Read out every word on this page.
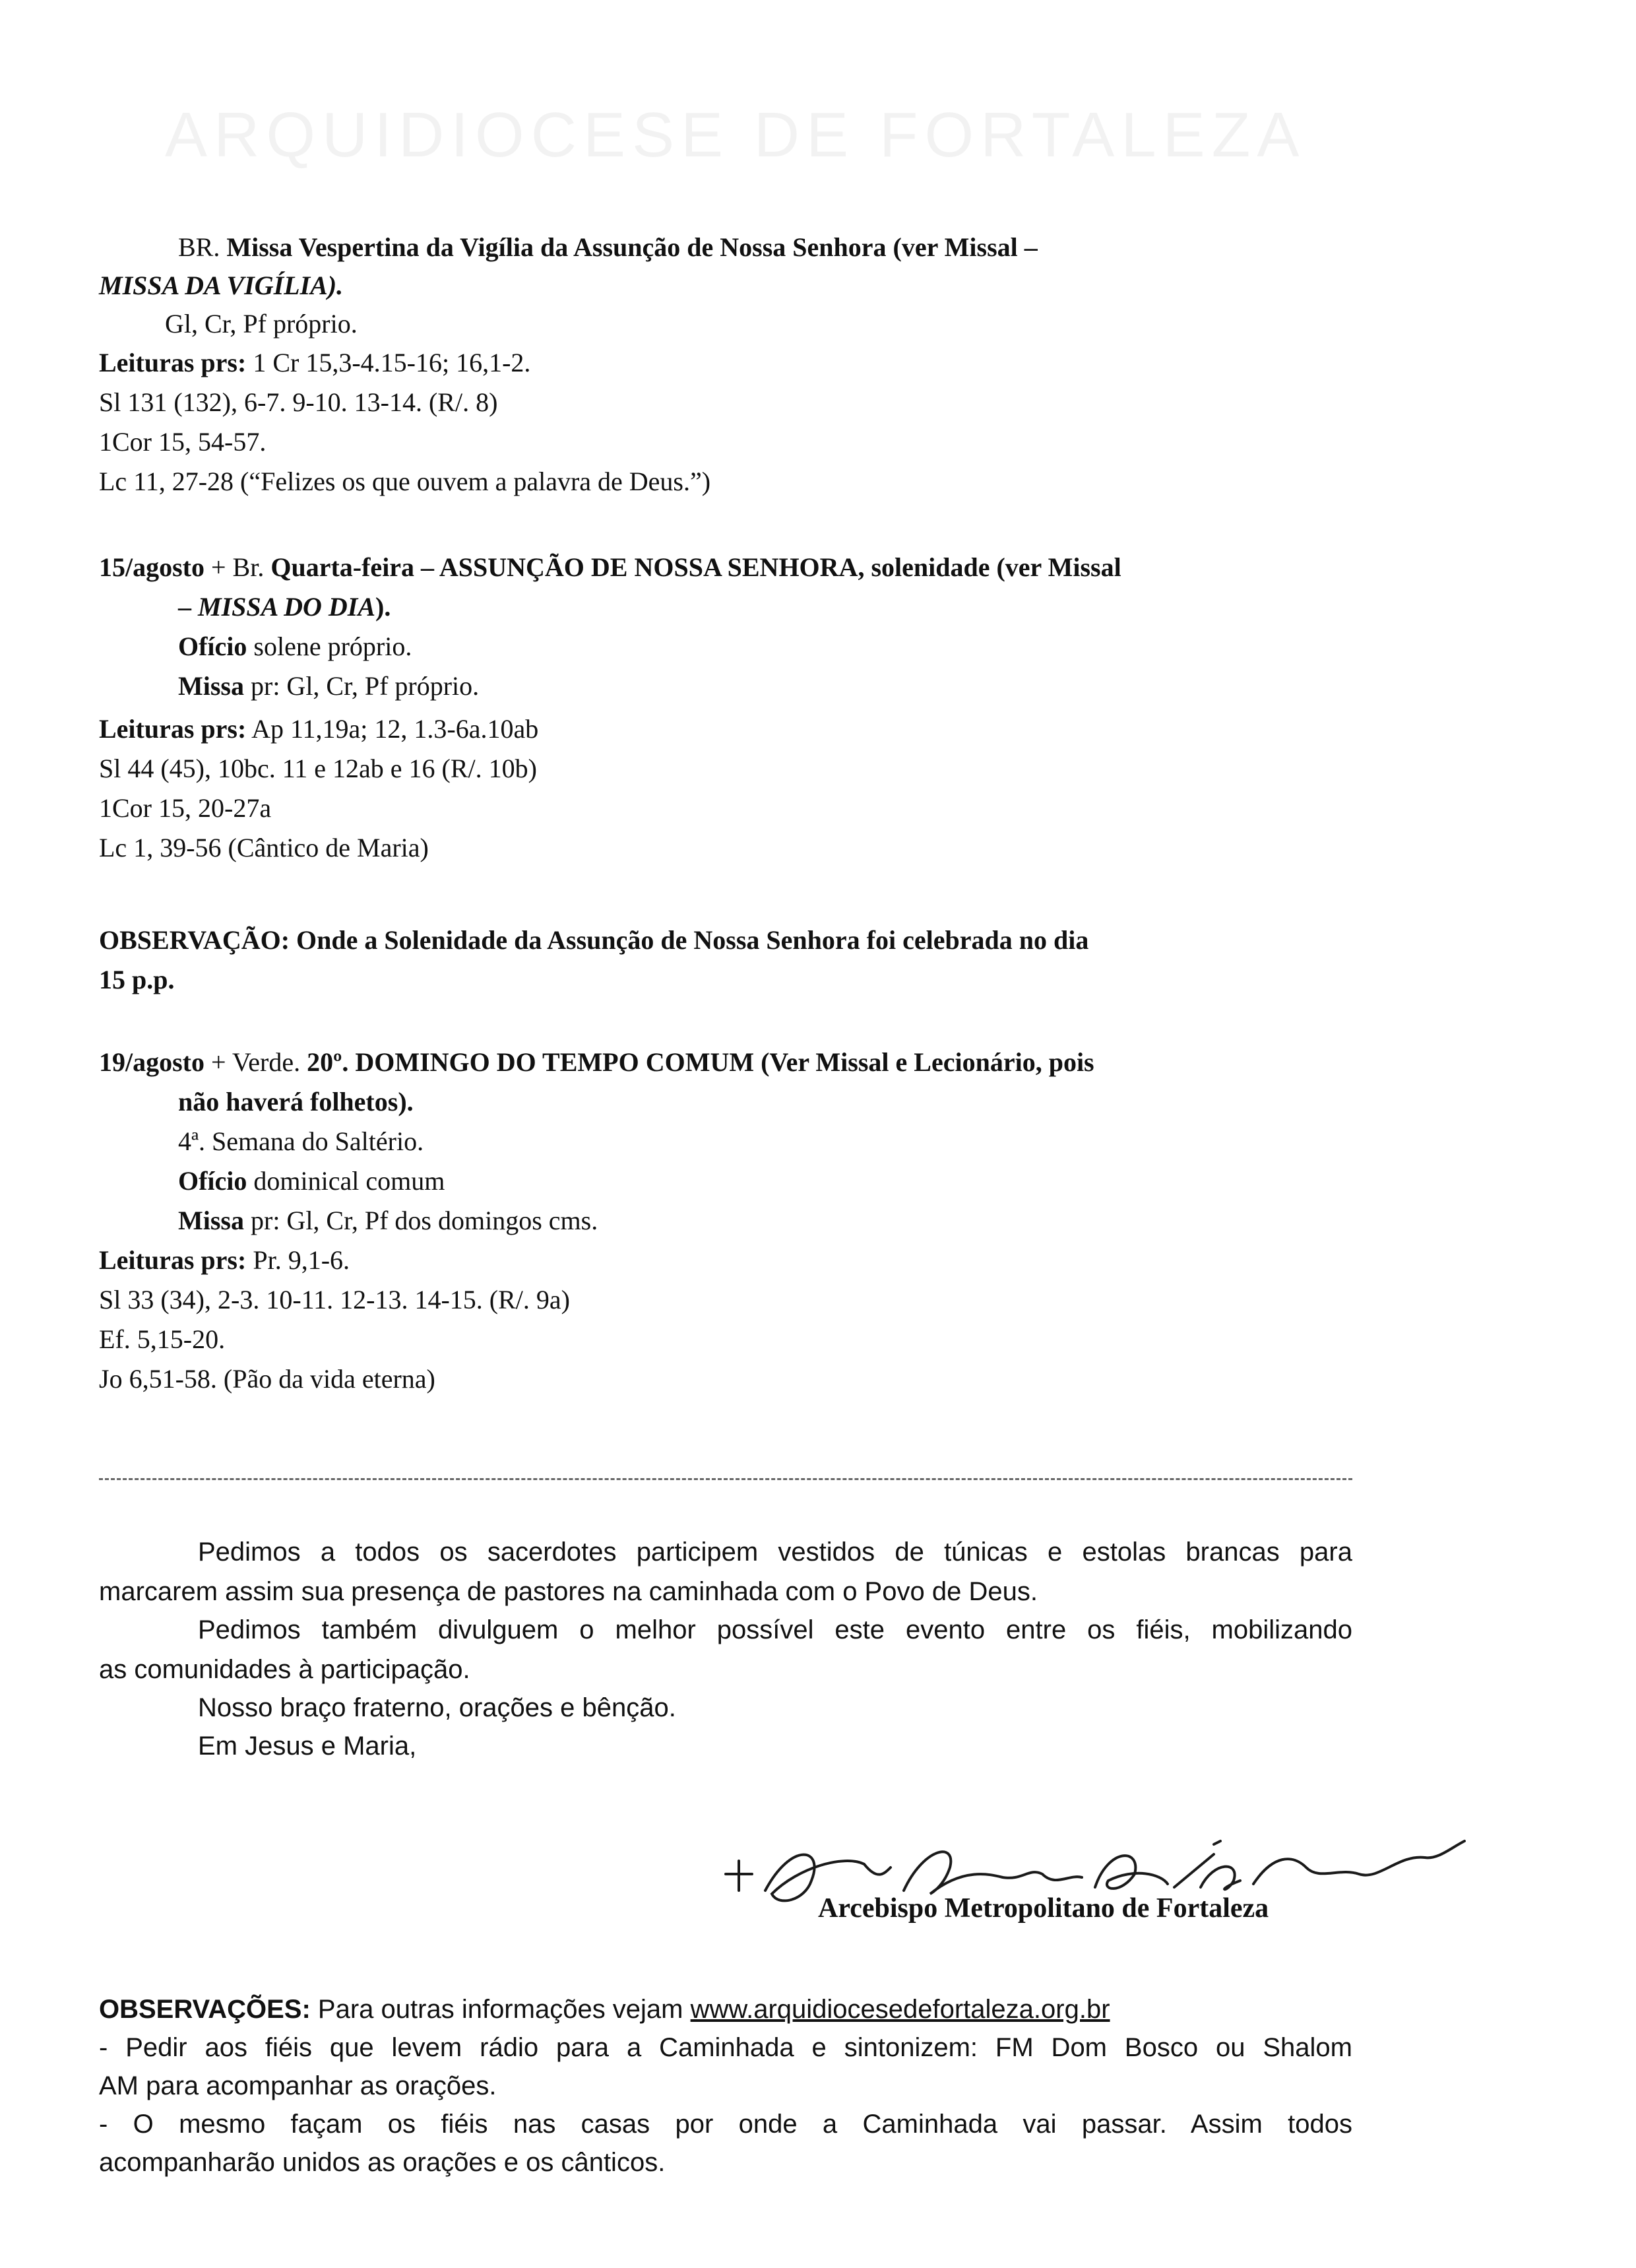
ARQUIDIOCESE DE FORTALEZA
BR. Missa Vespertina da Vigília da Assunção de Nossa Senhora (ver Missal –
MISSA DA VIGÍLIA).
Gl, Cr, Pf próprio.
Leituras prs: 1 Cr 15,3-4.15-16; 16,1-2.
Sl 131 (132), 6-7. 9-10. 13-14. (R/. 8)
1Cor 15, 54-57.
Lc 11, 27-28 (“Felizes os que ouvem a palavra de Deus.”)
15/agosto + Br. Quarta-feira – ASSUNÇÃO DE NOSSA SENHORA, solenidade (ver Missal
– MISSA DO DIA).
Ofício solene próprio.
Missa pr: Gl, Cr, Pf próprio.
Leituras prs: Ap 11,19a; 12, 1.3-6a.10ab
Sl 44 (45), 10bc. 11 e 12ab e 16 (R/. 10b)
1Cor 15, 20-27a
Lc 1, 39-56 (Cântico de Maria)
OBSERVAÇÃO: Onde a Solenidade da Assunção de Nossa Senhora foi celebrada no dia
15 p.p.
19/agosto + Verde. 20º. DOMINGO DO TEMPO COMUM (Ver Missal e Lecionário, pois
não haverá folhetos).
4ª. Semana do Saltério.
Ofício dominical comum
Missa pr: Gl, Cr, Pf dos domingos cms.
Leituras prs: Pr. 9,1-6.
Sl 33 (34), 2-3. 10-11. 12-13. 14-15. (R/. 9a)
Ef. 5,15-20.
Jo 6,51-58. (Pão da vida eterna)
Pedimos a todos os sacerdotes participem vestidos de túnicas e estolas brancas para
marcarem assim sua presença de pastores na caminhada com o Povo de Deus.
Pedimos também divulguem o melhor possível este evento entre os fiéis, mobilizando
as comunidades à participação.
Nosso braço fraterno, orações e bênção.
Em Jesus e Maria,
OBSERVAÇÕES: Para outras informações vejam www.arquidiocesedefortaleza.org.br
- Pedir aos fiéis que levem rádio para a Caminhada e sintonizem: FM Dom Bosco ou Shalom
AM para acompanhar as orações.
- O mesmo façam os fiéis nas casas por onde a Caminhada vai passar. Assim todos
acompanharão unidos as orações e os cânticos.
Arcebispo Metropolitano de Fortaleza
